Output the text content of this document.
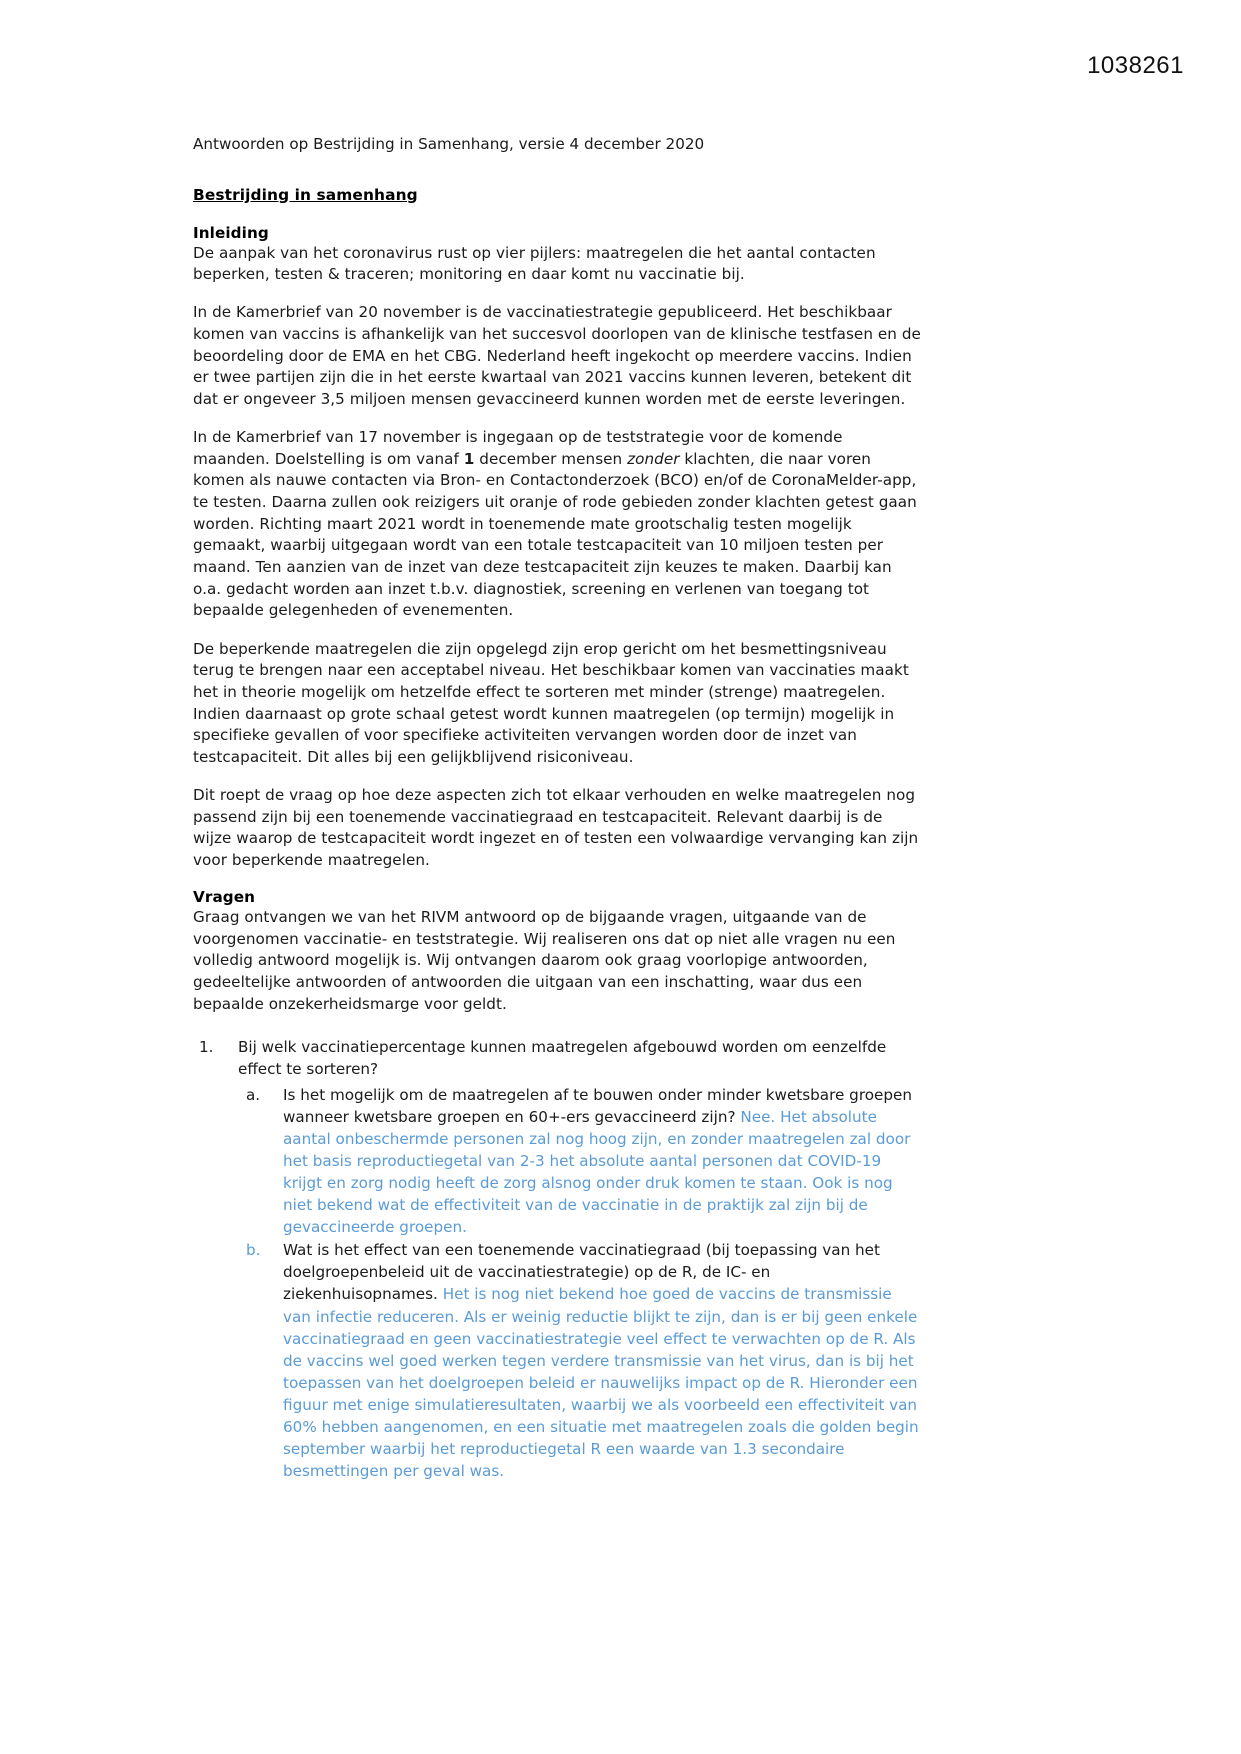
1038261
Antwoorden op Bestrijding in Samenhang, versie 4 december 2020
Bestrijding in samenhang
Inleiding

De aanpak van het coronavirus rust op vier pijlers: maatregelen die het aantal contacten beperken, testen & traceren; monitoring en daar komt nu vaccinatie bij.

In de Kamerbrief van 20 november is de vaccinatiestrategie gepubliceerd. Het beschikbaar komen van vaccins is afhankelijk van het succesvol doorlopen van de klinische testfasen en de beoordeling door de EMA en het CBG. Nederland heeft ingekocht op meerdere vaccins. Indien er twee partijen zijn die in het eerste kwartaal van 2021 vaccins kunnen leveren, betekent dit dat er ongeveer 3,5 miljoen mensen gevaccineerd kunnen worden met de eerste leveringen.

In de Kamerbrief van 17 november is ingegaan op de teststrategie voor de komende maanden. Doelstelling is om vanaf 1 december mensen zonder klachten, die naar voren komen als nauwe contacten via Bron- en Contactonderzoek (BCO) en/of de CoronaMelder-app, te testen. Daarna zullen ook reizigers uit oranje of rode gebieden zonder klachten getest gaan worden. Richting maart 2021 wordt in toenemende mate grootschalig testen mogelijk gemaakt, waarbij uitgegaan wordt van een totale testcapaciteit van 10 miljoen testen per maand. Ten aanzien van de inzet van deze testcapaciteit zijn keuzes te maken. Daarbij kan o.a. gedacht worden aan inzet t.b.v. diagnostiek, screening en verlenen van toegang tot bepaalde gelegenheden of evenementen.

De beperkende maatregelen die zijn opgelegd zijn erop gericht om het besmettingsniveau terug te brengen naar een acceptabel niveau. Het beschikbaar komen van vaccinaties maakt het in theorie mogelijk om hetzelfde effect te sorteren met minder (strenge) maatregelen. Indien daarnaast op grote schaal getest wordt kunnen maatregelen (op termijn) mogelijk in specifieke gevallen of voor specifieke activiteiten vervangen worden door de inzet van testcapaciteit. Dit alles bij een gelijkblijvend risiconiveau.

Dit roept de vraag op hoe deze aspecten zich tot elkaar verhouden en welke maatregelen nog passend zijn bij een toenemende vaccinatiegraad en testcapaciteit. Relevant daarbij is de wijze waarop de testcapaciteit wordt ingezet en of testen een volwaardige vervanging kan zijn voor beperkende maatregelen.

Vragen

Graag ontvangen we van het RIVM antwoord op de bijgaande vragen, uitgaande van de voorgenomen vaccinatie- en teststrategie. Wij realiseren ons dat op niet alle vragen nu een volledig antwoord mogelijk is. Wij ontvangen daarom ook graag voorlopige antwoorden, gedeeltelijke antwoorden of antwoorden die uitgaan van een inschatting, waar dus een bepaalde onzekerheidsmarge voor geldt.

1.	Bij welk vaccinatiepercentage kunnen maatregelen afgebouwd worden om eenzelfde effect te sorteren?
a.	Is het mogelijk om de maatregelen af te bouwen onder minder kwetsbare groepen wanneer kwetsbare groepen en 60+-ers gevaccineerd zijn? Nee. Het absolute aantal onbeschermde personen zal nog hoog zijn, en zonder maatregelen zal door het basis reproductiegetal van 2-3 het absolute aantal personen dat COVID-19 krijgt en zorg nodig heeft de zorg alsnog onder druk komen te staan. Ook is nog niet bekend wat de effectiviteit van de vaccinatie in de praktijk zal zijn bij de gevaccineerde groepen.
b.	Wat is het effect van een toenemende vaccinatiegraad (bij toepassing van het doelgroepenbeleid uit de vaccinatiestrategie) op de R, de IC- en ziekenhuisopnames. Het is nog niet bekend hoe goed de vaccins de transmissie van infectie reduceren. Als er weinig reductie blijkt te zijn, dan is er bij geen enkele vaccinatiegraad en geen vaccinatiestrategie veel effect te verwachten op de R. Als de vaccins wel goed werken tegen verdere transmissie van het virus, dan is bij het toepassen van het doelgroepen beleid er nauwelijks impact op de R. Hieronder een figuur met enige simulatieresultaten, waarbij we als voorbeeld een effectiviteit van 60% hebben aangenomen, en een situatie met maatregelen zoals die golden begin september waarbij het reproductiegetal R een waarde van 1.3 secondaire besmettingen per geval was.
